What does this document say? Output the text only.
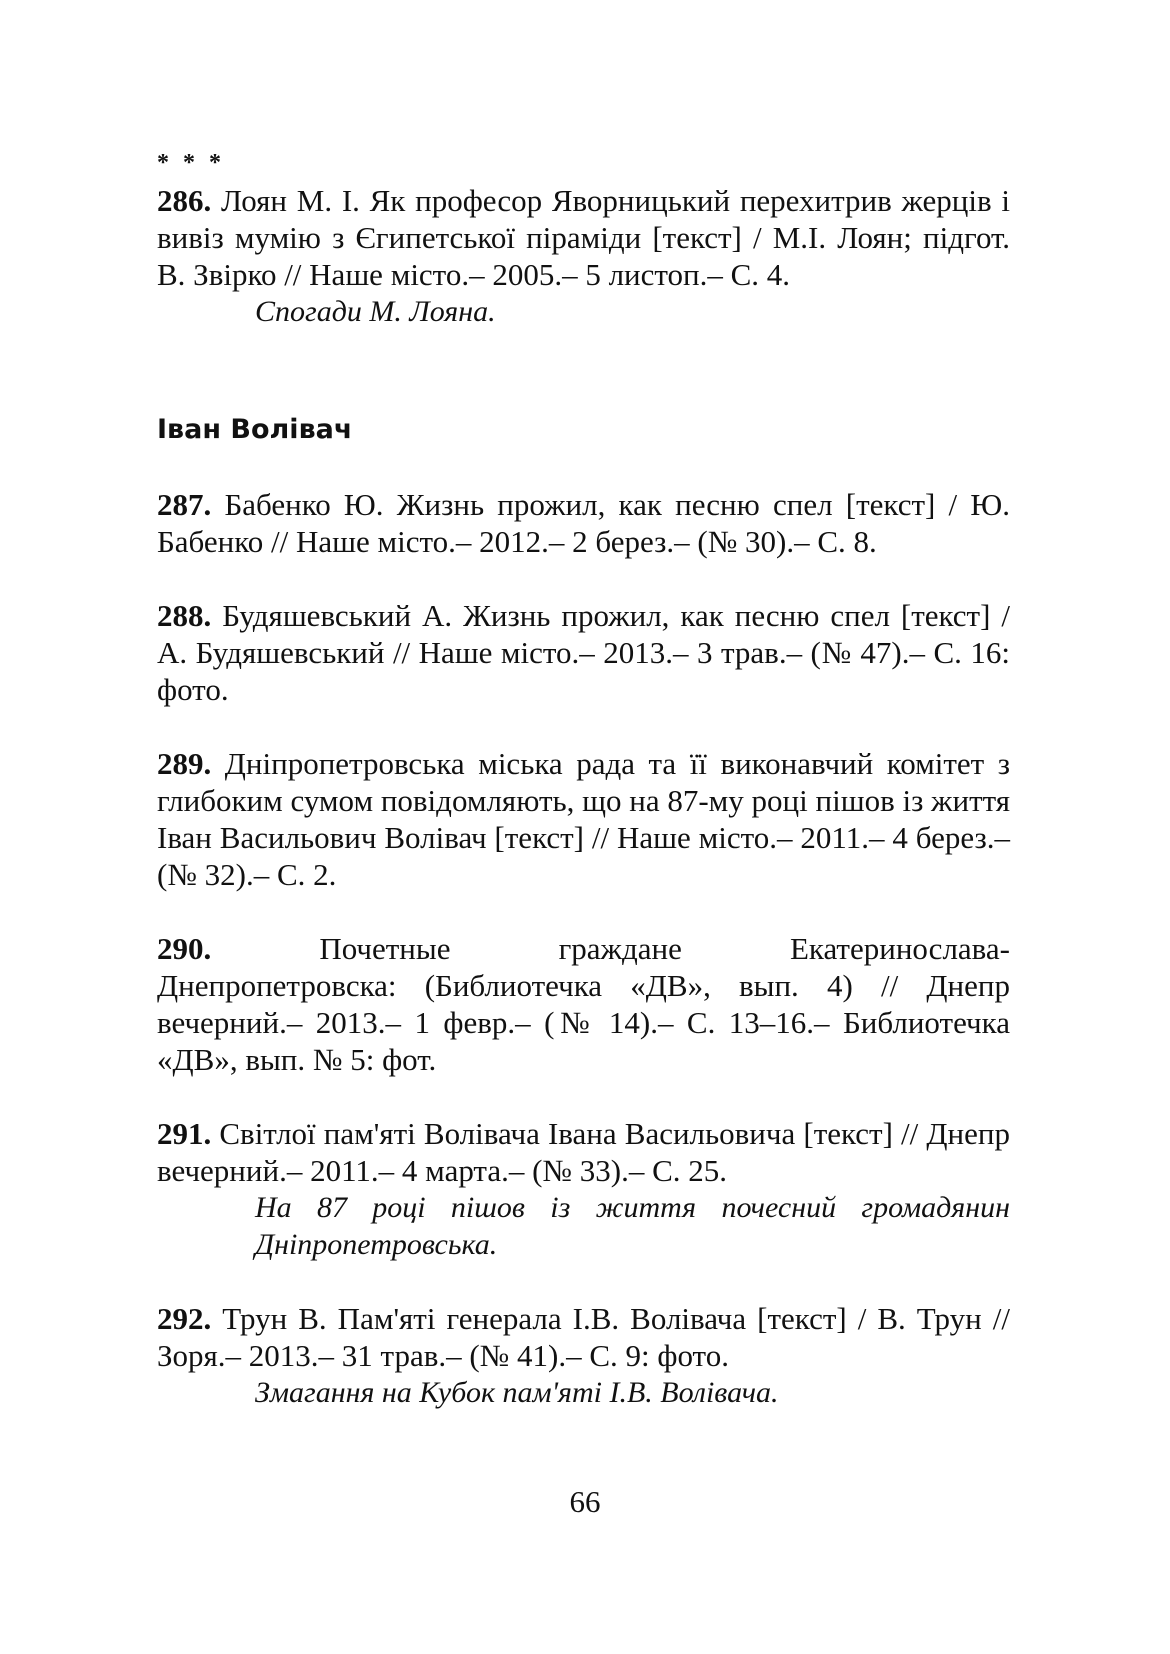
* * *

286. Лоян М. І. Як професор Яворницький перехитрив жерців і вивіз мумію з Єгипетської піраміди [текст] / М.І. Лоян; підгот. В. Звірко // Наше місто.– 2005.– 5 листоп.– С. 4.

Спогади М. Лояна.

Іван Волівач

287. Бабенко Ю. Жизнь прожил, как песню спел [текст] / Ю. Бабенко // Наше місто.– 2012.– 2 берез.– (№ 30).– С. 8.

288. Будяшевський А. Жизнь прожил, как песню спел [текст] / А. Будяшевський // Наше місто.– 2013.– 3 трав.– (№ 47).– С. 16: фото.

289. Дніпропетровська міська рада та її виконавчий комітет з глибоким сумом повідомляють, що на 87-му році пішов із життя Іван Васильович Волівач [текст] // Наше місто.– 2011.– 4 берез.– (№ 32).– С. 2.

290.	Почетные	граждане	Екатеринослава-

Днепропетровска: (Библиотечка «ДВ», вып. 4) // Днепр вечерний.– 2013.– 1 февр.– (№ 14).– С. 13–16.– Библиотечка «ДВ», вып. № 5: фот.

291. Світлої пам'яті Волівача Івана Васильовича [текст] // Днепр вечерний.– 2011.– 4 марта.– (№ 33).– С. 25.

На 87 році пішов із життя почесний громадянин Дніпропетровська.

292. Трун В. Пам'яті генерала І.В. Волівача [текст] / В. Трун // Зоря.– 2013.– 31 трав.– (№ 41).– С. 9: фото.

Змагання на Кубок пам'яті І.В. Волівача.

66
